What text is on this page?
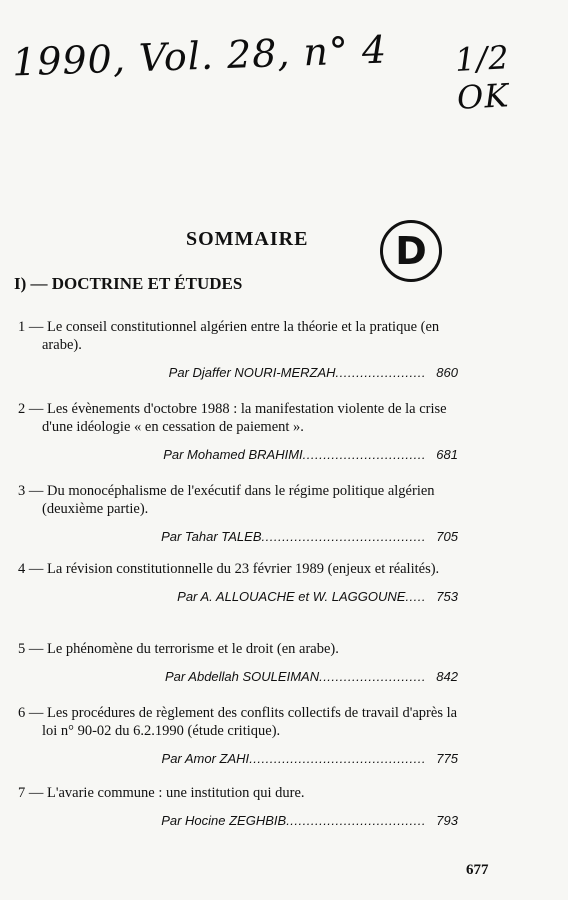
1990, Vol. 28, n° 4 1/2 OK
SOMMAIRE	D
I) — DOCTRINE ET ÉTUDES
1 — Le conseil constitutionnel algérien entre la théorie et la pratique (en arabe).
Par Djaffer NOURI-MERZAH ...................... 860
2 — Les évènements d'octobre 1988 : la manifestation violente de la crise d'une idéologie « en cessation de paiement ».
Par Mohamed BRAHIMI .............................. 681
3 — Du monocéphalisme de l'exécutif dans le régime politique algérien (deuxième partie).
Par Tahar TALEB ........................................ 705
4 — La révision constitutionnelle du 23 février 1989 (enjeux et réalités).
Par A. ALLOUACHE et W. LAGGOUNE ..... 753
5 — Le phénomène du terrorisme et le droit (en arabe).
Par Abdellah SOULEIMAN .......................... 842
6 — Les procédures de règlement des conflits collectifs de travail d'après la loi n° 90-02 du 6.2.1990 (étude critique).
Par Amor ZAHI ........................................... 775
7 — L'avarie commune : une institution qui dure.
Par Hocine ZEGHBIB .................................. 793
677
